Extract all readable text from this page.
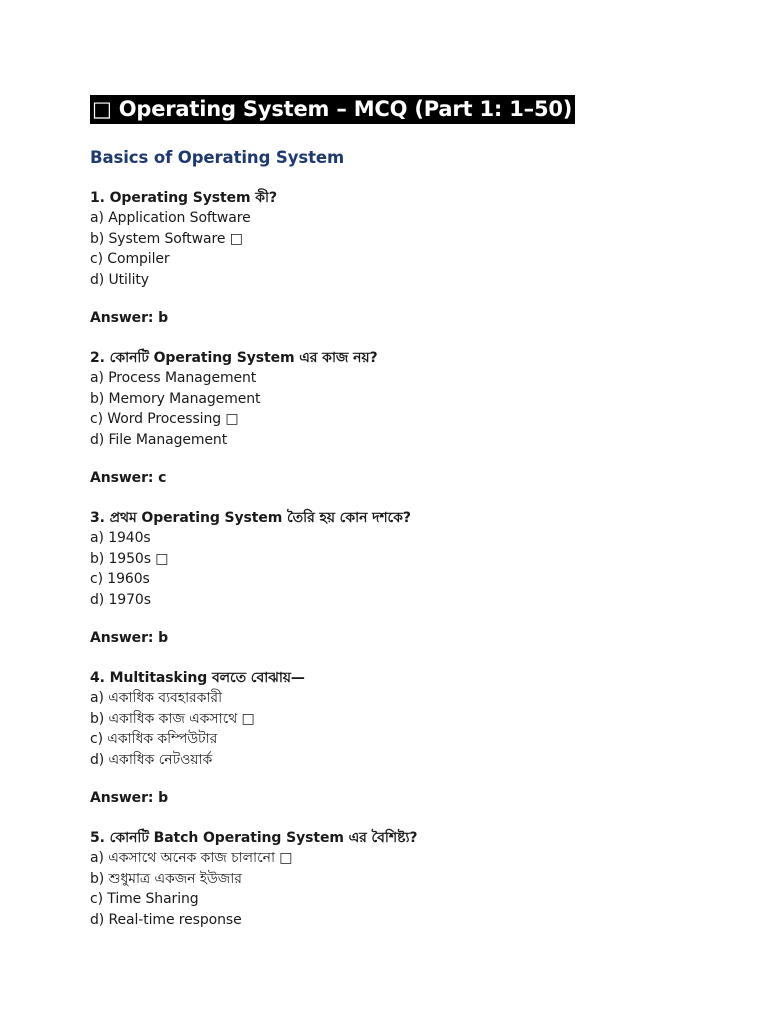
□ Operating System – MCQ (Part 1: 1–50)
Basics of Operating System
1. Operating System কী?
a) Application Software
b) System Software □
c) Compiler
d) Utility
Answer: b
2. কোনটি Operating System এর কাজ নয়?
a) Process Management
b) Memory Management
c) Word Processing □
d) File Management
Answer: c
3. প্রথম Operating System তৈরি হয় কোন দশকে?
a) 1940s
b) 1950s □
c) 1960s
d) 1970s
Answer: b
4. Multitasking বলতে বোঝায়—
a) একাধিক ব্যবহারকারী
b) একাধিক কাজ একসাথে □
c) একাধিক কম্পিউটার
d) একাধিক নেটওয়ার্ক
Answer: b
5. কোনটি Batch Operating System এর বৈশিষ্ট্য?
a) একসাথে অনেক কাজ চালানো □
b) শুধুমাত্র একজন ইউজার
c) Time Sharing
d) Real-time response
